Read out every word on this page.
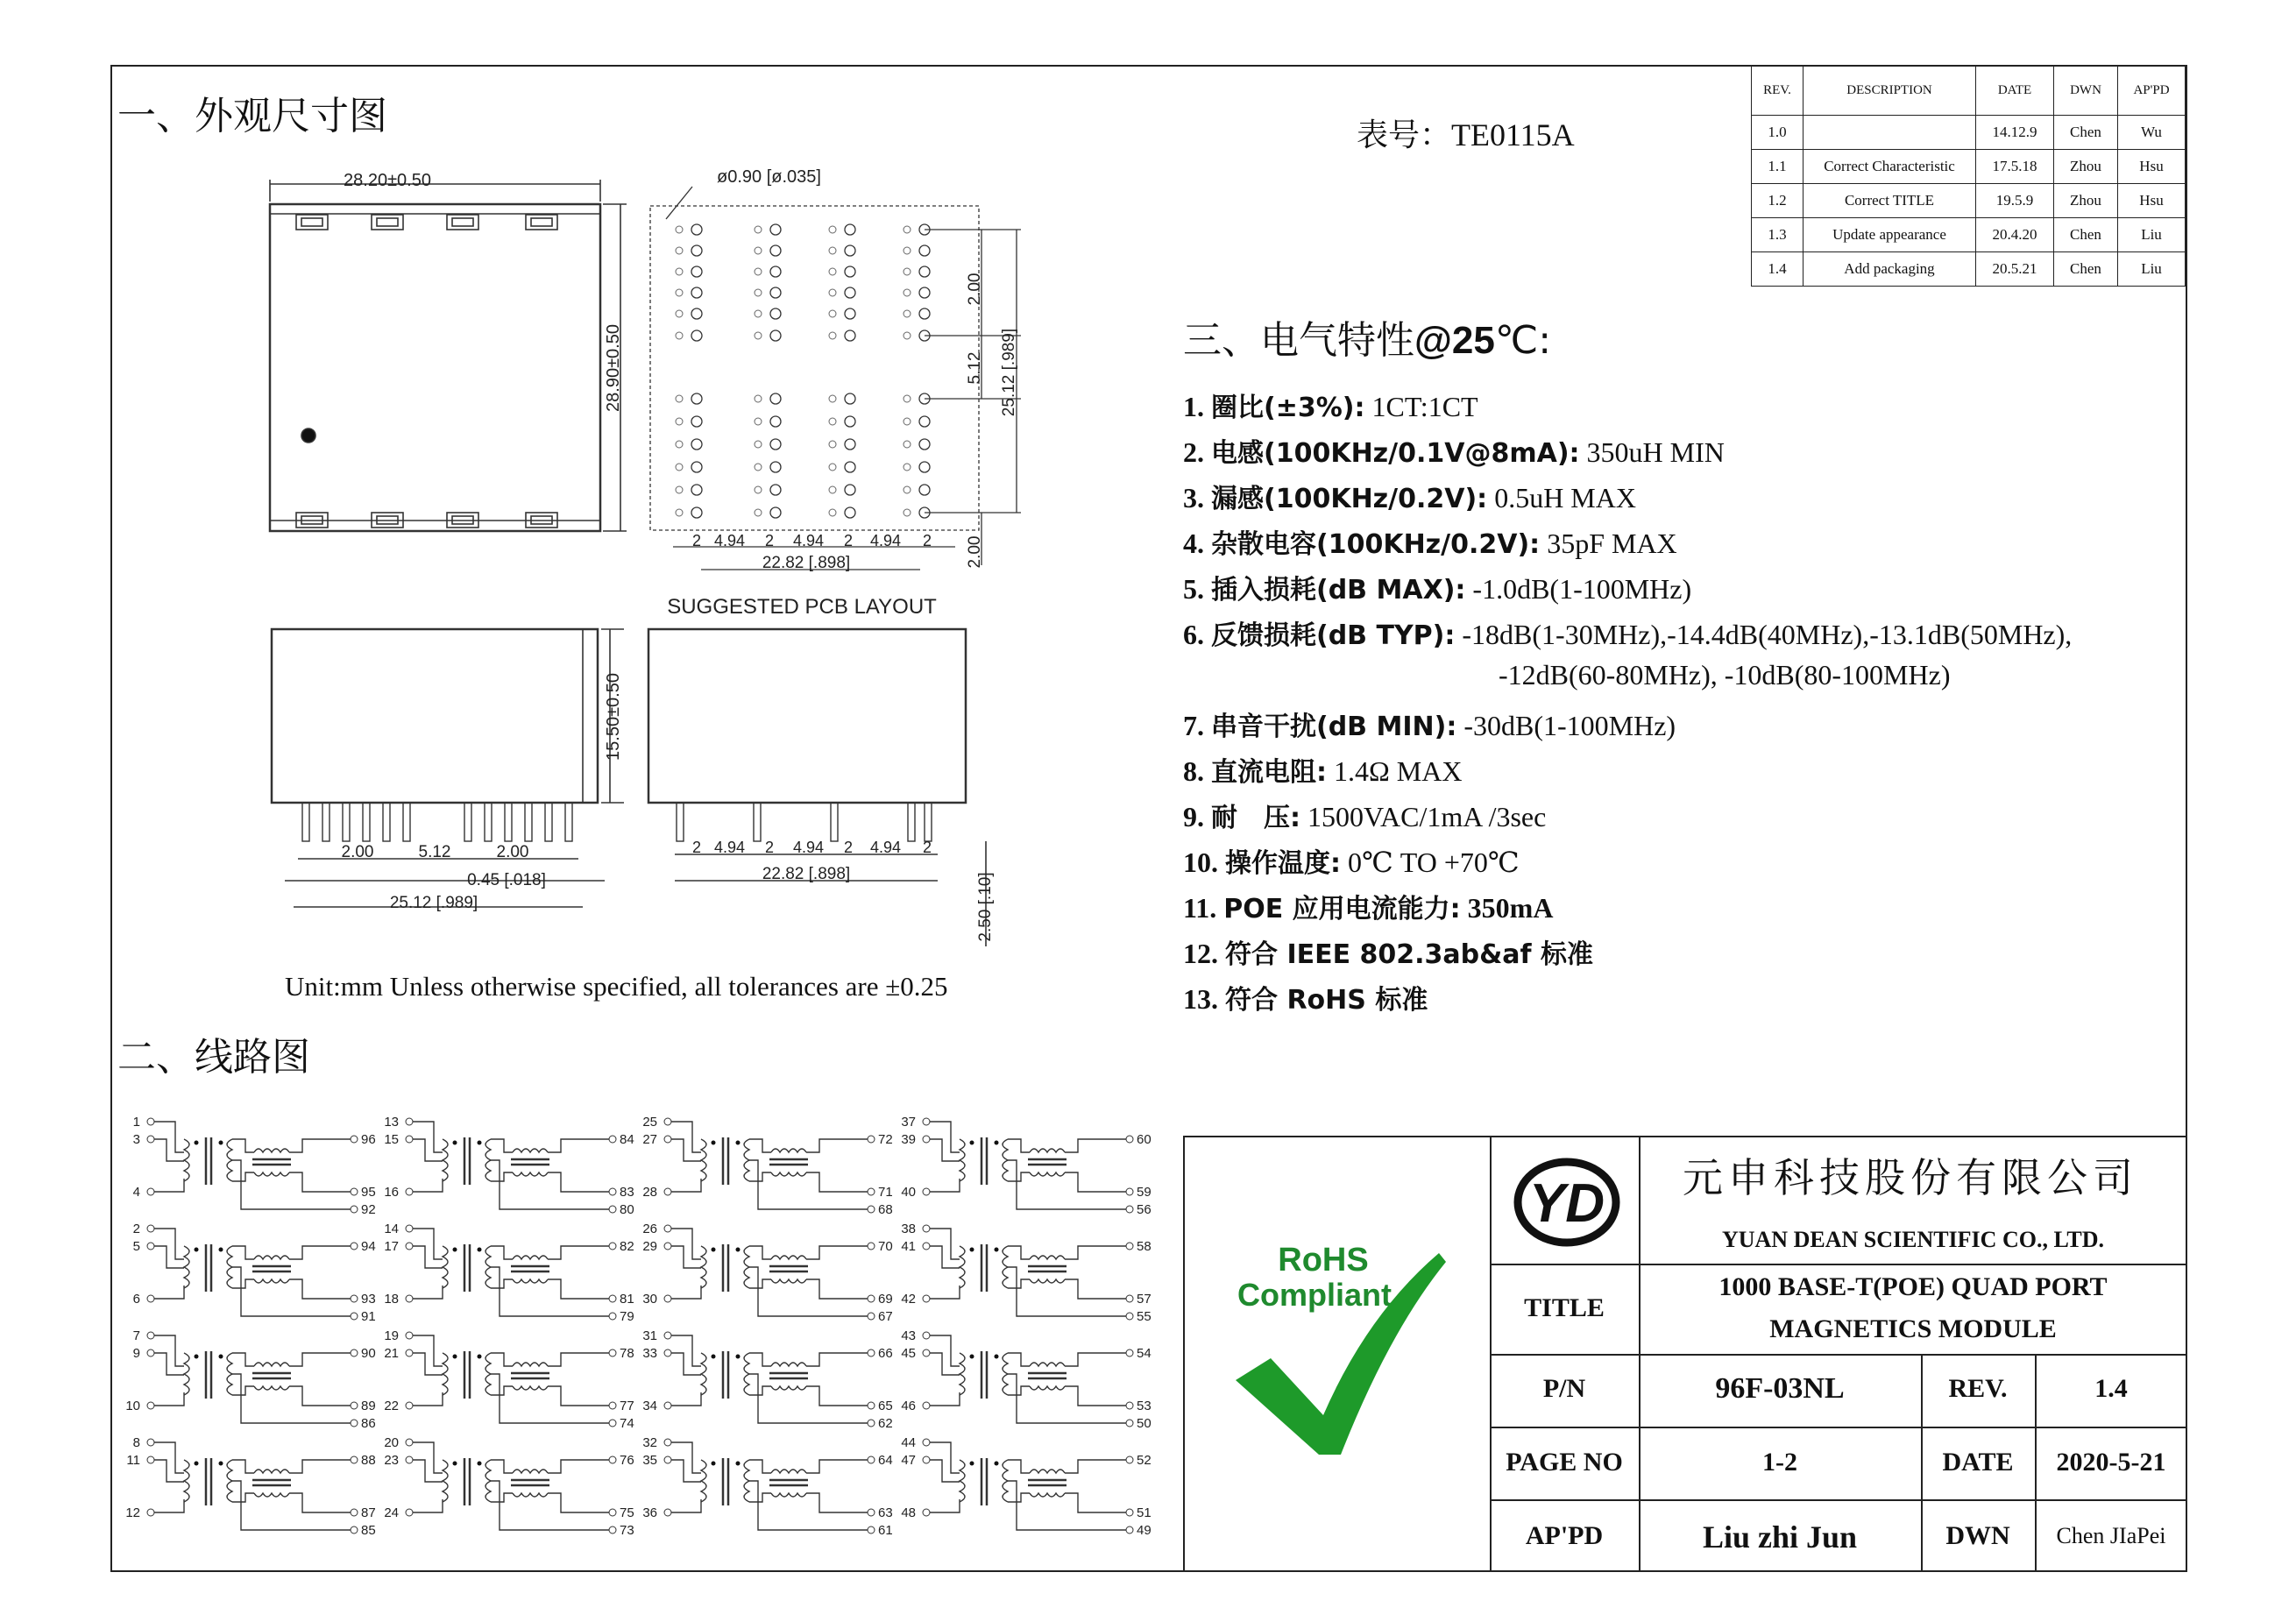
一、外观尺寸图
二、线路图
表号：TE0115A
REV.	DESCRIPTION	DATE	DWN	AP'PD
1.0		14.12.9	Chen	Wu
1.1	Correct Characteristic	17.5.18	Zhou	Hsu
1.2	Correct TITLE	19.5.9	Zhou	Hsu
1.3	Update appearance	20.4.20	Chen	Liu
1.4	Add packaging	20.5.21	Chen	Liu
三、电气特性@25℃:
1. 圈比(±3%): 1CT:1CT
2. 电感(100KHz/0.1V@8mA): 350uH MIN
3. 漏感(100KHz/0.2V): 0.5uH MAX
4. 杂散电容(100KHz/0.2V): 35pF MAX
5. 插入损耗(dB MAX): -1.0dB(1-100MHz)
6. 反馈损耗(dB TYP): -18dB(1-30MHz),-14.4dB(40MHz),-13.1dB(50MHz),
-12dB(60-80MHz), -10dB(80-100MHz)
7. 串音干扰(dB MIN): -30dB(1-100MHz)
8. 直流电阻: 1.4Ω MAX
9. 耐　压: 1500VAC/1mA /3sec
10. 操作温度: 0℃ TO +70℃
11. POE 应用电流能力: 350mA
12. 符合 IEEE 802.3ab&af 标准
13. 符合 RoHS 标准
28.20±0.50
28.90±0.50
ø0.90 [ø.035]
2.00
5.12 25.12 [.989]
2.00
2 4.94 2 4.94 2 4.94 2
22.82 [.898]
SUGGESTED PCB LAYOUT
15.50±0.50
2.00	5.12	2.00
0.45 [.018]
25.12 [.989]
2 4.94 2 4.94 2 4.94 2
22.82 [.898]	2.50 [.10]
Unit:mm Unless otherwise specified, all tolerances are ±0.25
1
3
4
96
95
92
13
15
16
84
83
80
25
27
28
72
71
68
37
39
40
60
59
56
2
5
6
94
93
91
14
17
18
82
81
79
26
29
30
70
69
67
38
41
42
58
57
55
7
9
10
90
89
86
19
21
22
78
77
74
31
33
34
66
65
62
43
45
46
54
53
50
8
11
12
88
87
85
20
23
24
76
75
73
32
35
36
64
63
61
44
47
48
52
51
49
YD	元申科技股份有限公司
YUAN DEAN SCIENTIFIC CO., LTD.
TITLE
1000 BASE-T(POE) QUAD PORT
MAGNETICS MODULE
P/N	96F-03NL	REV.	1.4
PAGE NO	1-2	DATE	2020-5-21
AP'PD	Liu zhi Jun	DWN	Chen JIaPei
RoHS
Compliant
